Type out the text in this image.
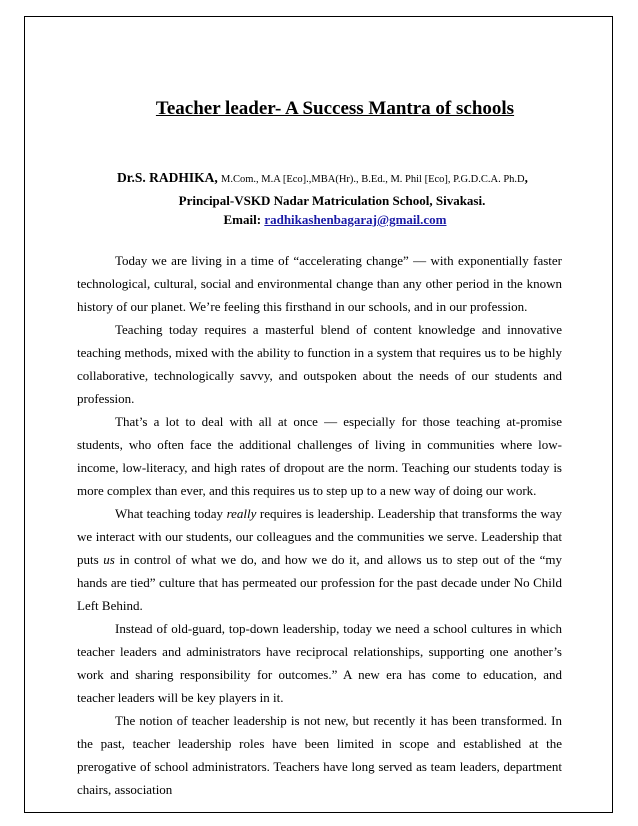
Teacher leader- A Success Mantra of schools
Dr.S. RADHIKA, M.Com., M.A [Eco].,MBA(Hr)., B.Ed., M. Phil [Eco], P.G.D.C.A. Ph.D,
Principal-VSKD Nadar Matriculation School, Sivakasi.
Email: radhikashenbagaraj@gmail.com

Today we are living in a time of “accelerating change” — with exponentially faster technological, cultural, social and environmental change than any other period in the known history of our planet. We’re feeling this firsthand in our schools, and in our profession.

Teaching today requires a masterful blend of content knowledge and innovative teaching methods, mixed with the ability to function in a system that requires us to be highly collaborative, technologically savvy, and outspoken about the needs of our students and profession.

That’s a lot to deal with all at once — especially for those teaching at-promise students, who often face the additional challenges of living in communities where low-income, low-literacy, and high rates of dropout are the norm. Teaching our students today is more complex than ever, and this requires us to step up to a new way of doing our work.

What teaching today really requires is leadership. Leadership that transforms the way we interact with our students, our colleagues and the communities we serve. Leadership that puts us in control of what we do, and how we do it, and allows us to step out of the “my hands are tied” culture that has permeated our profession for the past decade under No Child Left Behind.

Instead of old-guard, top-down leadership, today we need a school cultures in which teacher leaders and administrators have reciprocal relationships, supporting one another’s work and sharing responsibility for outcomes.” A new era has come to education, and teacher leaders will be key players in it.

The notion of teacher leadership is not new, but recently it has been transformed. In the past, teacher leadership roles have been limited in scope and established at the prerogative of school administrators. Teachers have long served as team leaders, department chairs, association
